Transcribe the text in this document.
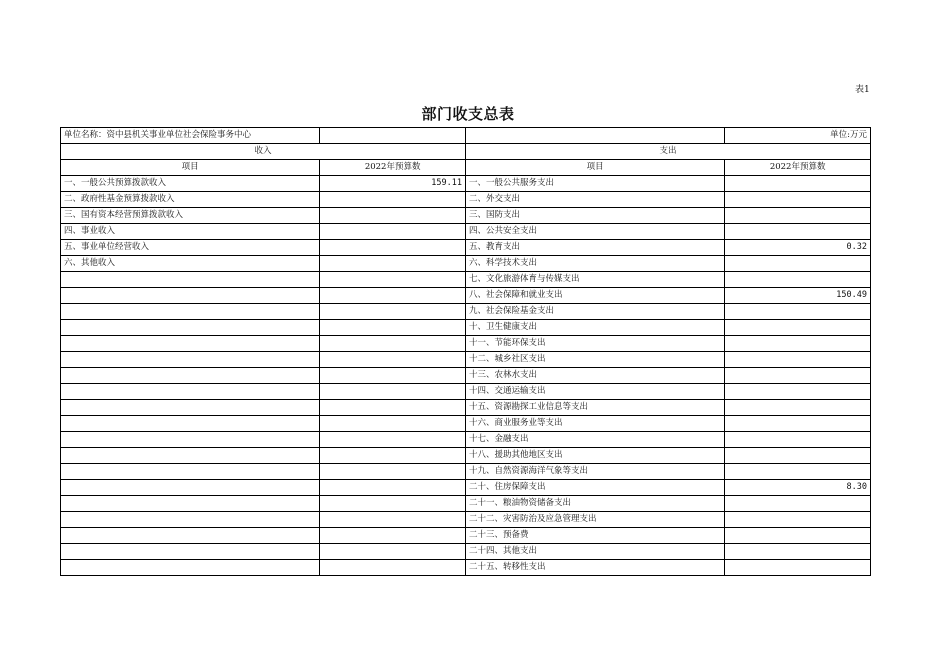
表1
部门收支总表
单位名称：资中县机关事业单位社会保险事务中心			单位:万元
收入		支出	
项目	2022年预算数	项目	2022年预算数
一、一般公共预算拨款收入	159.11	一、一般公共服务支出	
二、政府性基金预算拨款收入		二、外交支出	
三、国有资本经营预算拨款收入		三、国防支出	
四、事业收入		四、公共安全支出	
五、事业单位经营收入		五、教育支出	0.32
六、其他收入		六、科学技术支出	
		七、文化旅游体育与传媒支出	
		八、社会保障和就业支出	150.49
		九、社会保险基金支出	
		十、卫生健康支出	
		十一、节能环保支出	
		十二、城乡社区支出	
		十三、农林水支出	
		十四、交通运输支出	
		十五、资源勘探工业信息等支出	
		十六、商业服务业等支出	
		十七、金融支出	
		十八、援助其他地区支出	
		十九、自然资源海洋气象等支出	
		二十、住房保障支出	8.30
		二十一、粮油物资储备支出	
		二十二、灾害防治及应急管理支出	
		二十三、预备费	
		二十四、其他支出	
		二十五、转移性支出	
